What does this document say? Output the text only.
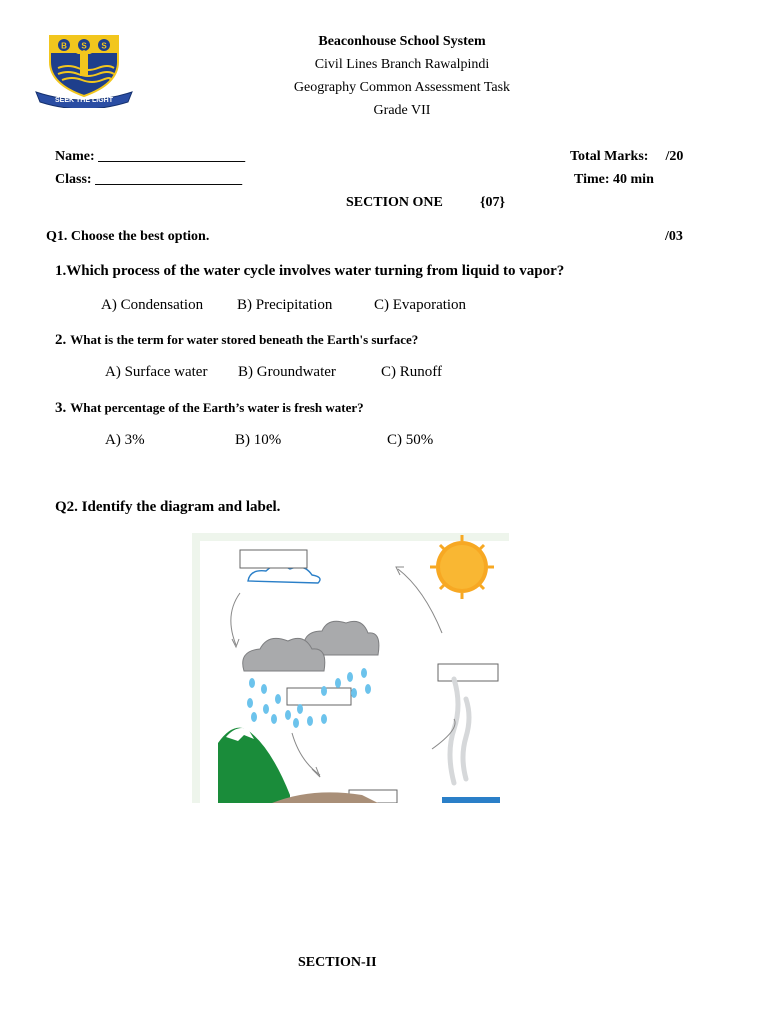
B S S
SEEK THE LIGHT
Beaconhouse School System
Civil Lines Branch Rawalpindi
Geography Common Assessment Task
Grade VII
Name: _____________________
Class: _____________________
Total Marks: /20
Time: 40 min
SECTION ONE	{07}
Q1. Choose the best option.	/03
1.Which process of the water cycle involves water turning from liquid to vapor?
A) Condensation B) Precipitation	C) Evaporation
2. What is the term for water stored beneath the Earth's surface?
A) Surface water B) Groundwater	C) Runoff
3. What percentage of the Earth’s water is fresh water?
A) 3%	B) 10%	C) 50%
Q2. Identify the diagram and label.
SECTION-II
